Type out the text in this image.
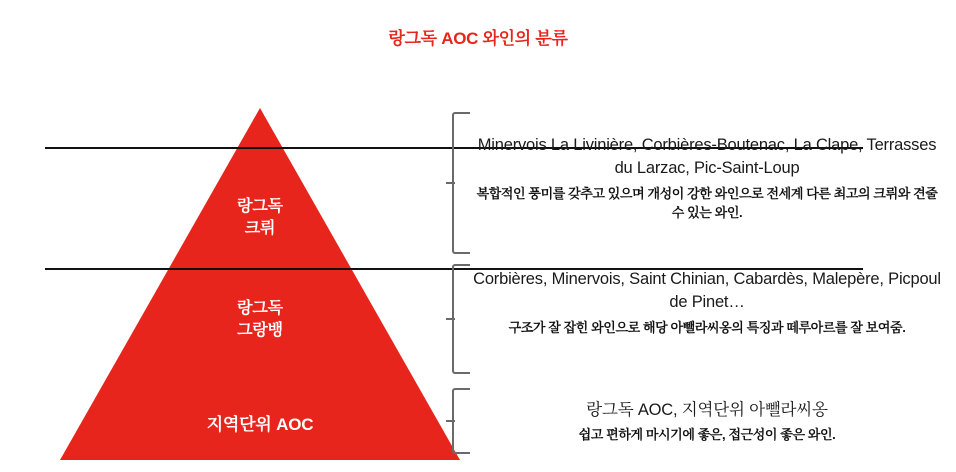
랑그독 AOC 와인의 분류
랑그독
크뤼
랑그독
그랑뱅
지역단위 AOC
Minervois La Livinière, Corbières-Boutenac, La Clape, Terrasses du Larzac, Pic-Saint-Loup
복합적인 풍미를 갖추고 있으며 개성이 강한 와인으로 전세계 다른 최고의 크뤼와 견줄 수 있는 와인.
Corbières, Minervois, Saint Chinian, Cabardès, Malepère, Picpoul de Pinet…
구조가 잘 잡힌 와인으로 해당 아뺄라씨옹의 특징과 떼루아르를 잘 보여줌.
랑그독 AOC, 지역단위 아뺄라씨옹
쉽고 편하게 마시기에 좋은, 접근성이 좋은 와인.
